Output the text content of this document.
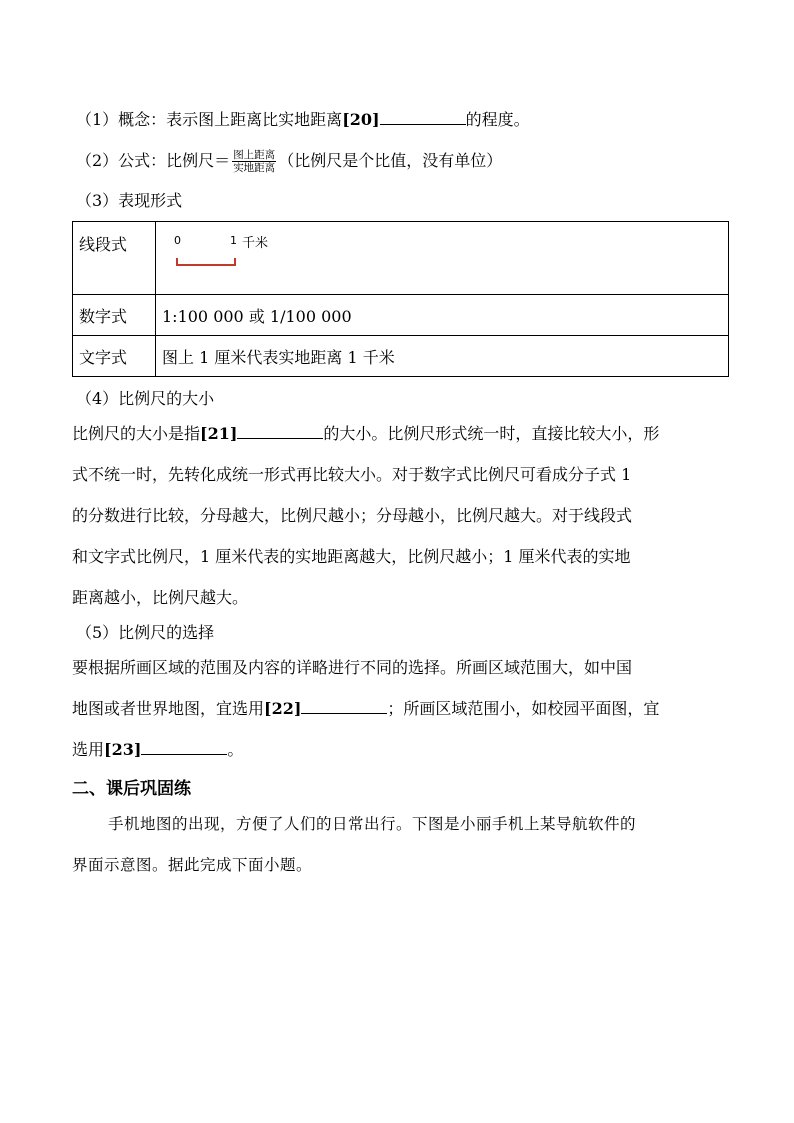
（1）概念：表示图上距离比实地距离[20]	的程度。
（2）公式：比例尺＝ $\frac{\text{图上距离}}{\text{实地距离}}$ （比例尺是个比值，没有单位）
（3）表现形式
线段式	0 1 千米

数字式	1:100 000 或 1/100 000
文字式	图上 1 厘米代表实地距离 1 千米
（4）比例尺的大小
比例尺的大小是指[21]	的大小。比例尺形式统一时，直接比较大小，形
式不统一时，先转化成统一形式再比较大小。对于数字式比例尺可看成分子式 1
的分数进行比较，分母越大，比例尺越小；分母越小，比例尺越大。对于线段式
和文字式比例尺，1 厘米代表的实地距离越大，比例尺越小；1 厘米代表的实地
距离越小，比例尺越大。
（5）比例尺的选择
要根据所画区域的范围及内容的详略进行不同的选择。所画区域范围大，如中国
地图或者世界地图，宜选用[22]	；所画区域范围小，如校园平面图，宜
选用[23]	。
二、课后巩固练
手机地图的出现，方便了人们的日常出行。下图是小丽手机上某导航软件的
界面示意图。据此完成下面小题。
